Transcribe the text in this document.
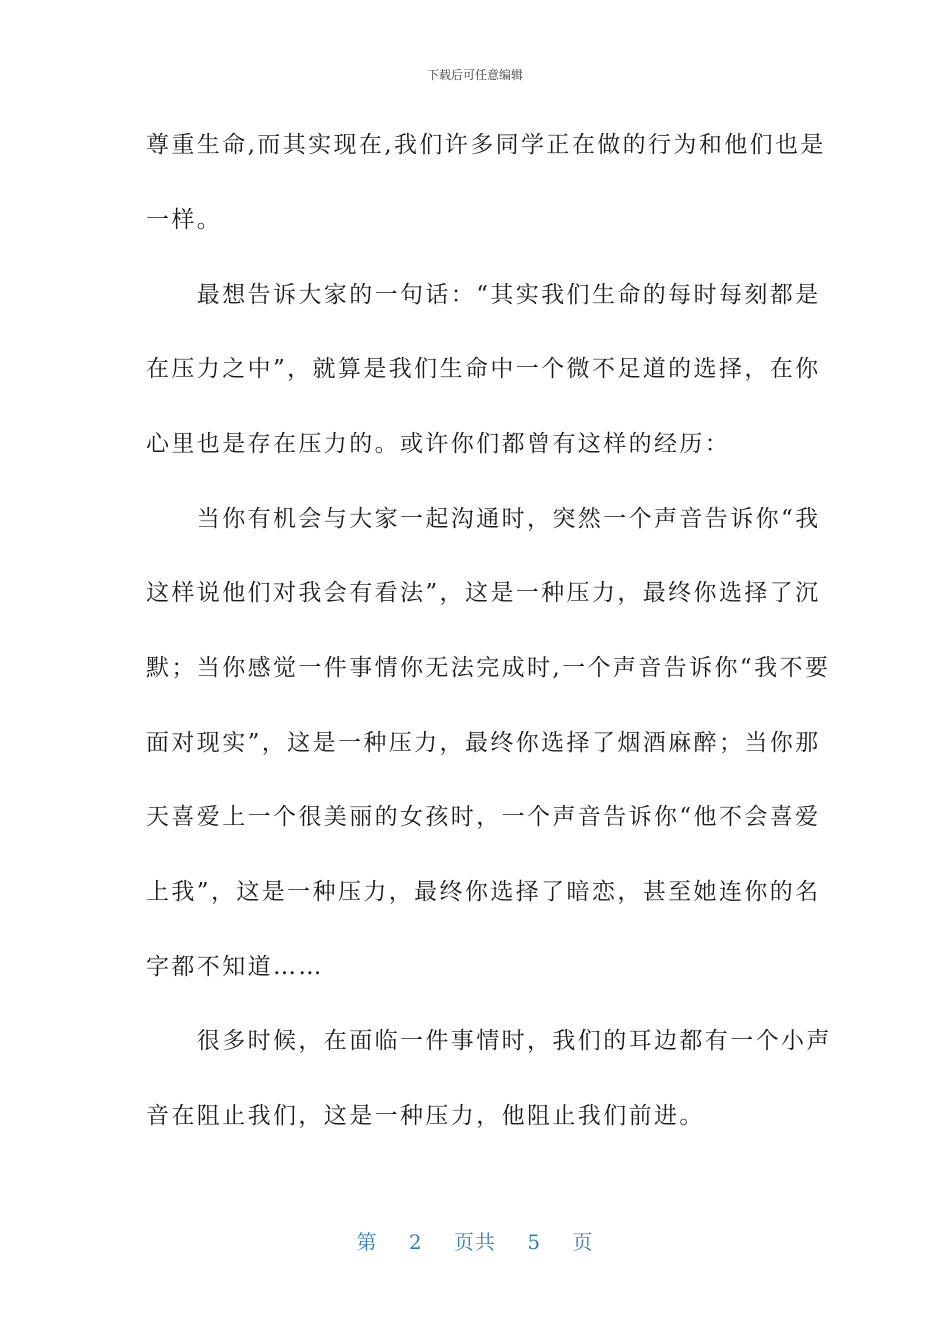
下载后可任意编辑
尊重生命,而其实现在,我们许多同学正在做的行为和他们也是
一样。
　　最想告诉大家的一句话：“其实我们生命的每时每刻都是
在压力之中”，就算是我们生命中一个微不足道的选择，在你
心里也是存在压力的。或许你们都曾有这样的经历：
　　当你有机会与大家一起沟通时，突然一个声音告诉你“我
这样说他们对我会有看法”，这是一种压力，最终你选择了沉
默；当你感觉一件事情你无法完成时,一个声音告诉你“我不要
面对现实”，这是一种压力，最终你选择了烟酒麻醉；当你那
天喜爱上一个很美丽的女孩时，一个声音告诉你“他不会喜爱
上我”，这是一种压力，最终你选择了暗恋，甚至她连你的名
字都不知道……
　　很多时候，在面临一件事情时，我们的耳边都有一个小声
音在阻止我们，这是一种压力，他阻止我们前进。
第 2 页共 5 页
